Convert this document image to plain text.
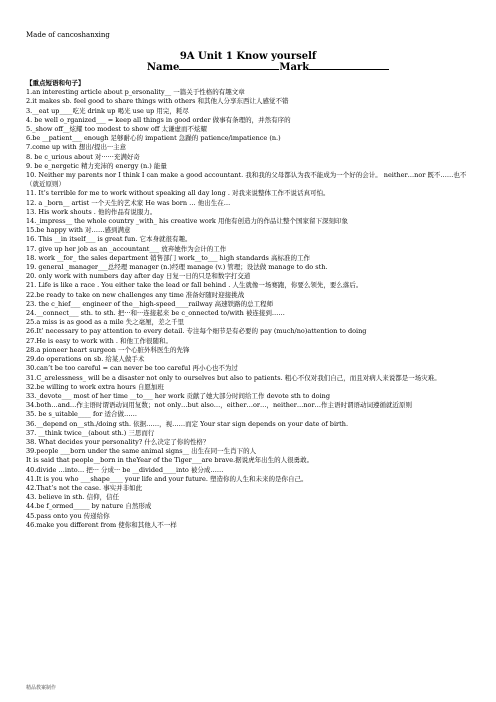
Made of cancoshanxing
9A Unit 1 Know yourself
Name	Mark
【重点短语和句子】
1.an interesting article about p_ersonality__ 一篇关于性格的有趣文章
2.it makes sb. feel good to share things with others 和其他人分享东西让人感觉不错
3.__eat up____吃光 drink up 喝光 use up 用完，耗尽
4. be well o_rganized___ = keep all things in good order 做事有条理的，并然有序的
5._show off__炫耀 too modest to show off 太谦虚而不炫耀
6.be __patient___ enough 足够耐心的 impatient 急躁的 patience/impatience (n.)
7.come up with 想出/提出···主意
8. be c_urious about 对······充满好奇
9. be e_nergetic 精力充沛的 energy (n.) 能量
10. Neither my parents nor I think I can make a good accountant. 我和我的父母都认为我不能成为一个好的会计。 neither…nor 既不……也不 （就近原则）
11. It’s terrible for me to work without speaking all day long . 对我来说整体工作不说话真可怕。
12. a _born__ artist 一个天生的艺术家 He was born … 他出生在…
13. His work shouts . 他的作品有说服力。
14._impress__ the whole country _with_ his creative work 用他有创造力的作品让整个国家留下深刻印象
15.be happy with 对……感到满意
16. This __in itself___ is great fun. 它本身就很有趣。
17. give up her job as an _accountant___ 放弃她作为会计的工作
18. work __for_ the sales department 销售部门 work__to___ high standards 高标准的工作
19. general _manager___总经理 manager (n.)经理 manage (v.) 管理；设法做 manage to do sth.
20. only work with numbers day after day 日复一日的只是和数字打交道
21. Life is like a race . You either take the lead or fall behind . 人生就像一场赛跑，你要么领先，要么落后。
22.be ready to take on new challenges any time 准备好随时迎接挑战
23. the c_hief___ engineer of the__high-speed____railway 高速铁路的总工程师
24.__connect___ sth. to sth. 把···和···连接起来 be c_onnected to/with 被连接到……
25.a miss is as good as a mile 失之毫厘，差之千里
26.It’ necessary to pay attention to every detail. 专注每个细节是有必要的 pay (much/no)attention to doing
27.He is easy to work with . 和他工作很随和。
28.a pioneer heart surgeon 一个心脏外科医生的先锋
29.do operations on sb. 给某人做手术
30.can’t be too careful = can never be too careful 再小心也不为过
31.C_arelessness_ will be a disaster not only to ourselves but also to patients. 粗心不仅对我们自己，而且对病人来说都是一场灾难。
32.be willing to work extra hours 自愿加班
33._devote___ most of her time __to___ her work 贡献了她大部分时间给工作 devote sth to doing
34.both…and…作主语时谓语动词用复数；not only…but also…，either…or…，neither…nor…作主语时谓语动词遵循就近原则
35. be s_uitable____ for 适合做……
36.__depend on__sth./doing sth. 依据……，视……而定 Your star sign depends on your date of birth.
37. __think twice__(about sth.) 三思而行
38. What decides your personality? 什么决定了你的性格？
39.people ___born under the same animal signs__ 出生在同一生肖下的人
It is said that people__born in theYear of the Tiger___are brave.据说虎年出生的人很勇敢。
40.divide …into… 把··· 分成··· be __divided____into 被分成……
41.It is you who ___shape____ your life and your future. 塑造你的人生和未来的是你自己。
42.That’s not the case. 事实并非如此
43. believe in sth. 信仰，信任
44.be f_ormed_____ by nature 自然形成
45.pass onto you 传递给你
46.make you different from 使你和其他人不一样
精品教案制作
